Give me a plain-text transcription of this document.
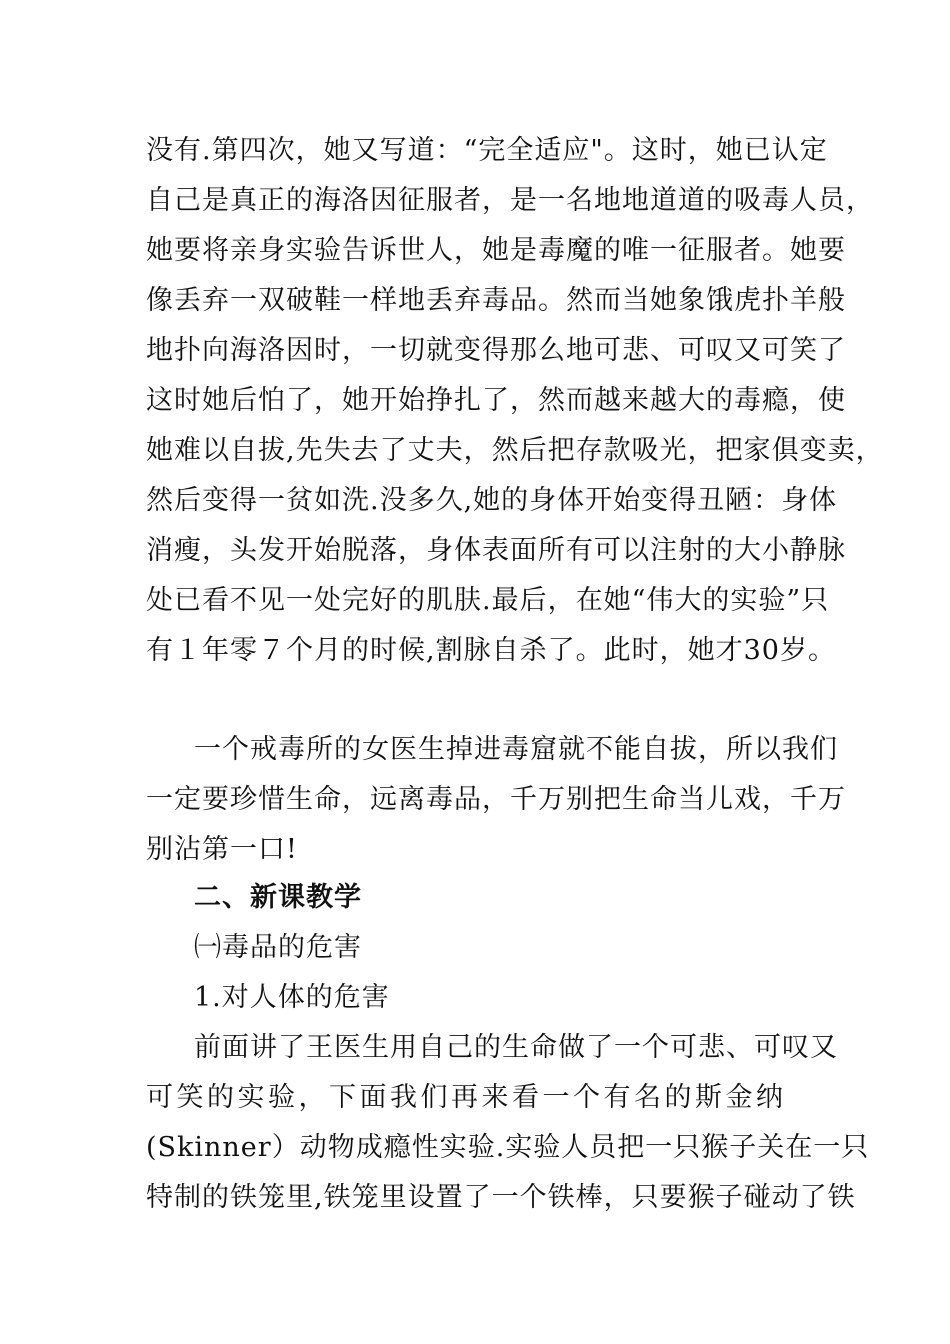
没有.第四次，她又写道：“完全适应"。这时，她已认定
自己是真正的海洛因征服者，是一名地地道道的吸毒人员，
她要将亲身实验告诉世人，她是毒魔的唯一征服者。她要
像丢弃一双破鞋一样地丢弃毒品。然而当她象饿虎扑羊般
地扑向海洛因时，一切就变得那么地可悲、可叹又可笑了
这时她后怕了，她开始挣扎了，然而越来越大的毒瘾，使
她难以自拔,先失去了丈夫，然后把存款吸光，把家俱变卖，
然后变得一贫如洗.没多久,她的身体开始变得丑陋：身体
消瘦，头发开始脱落，身体表面所有可以注射的大小静脉
处已看不见一处完好的肌肤.最后，在她“伟大的实验”只
有１年零７个月的时候,割脉自杀了。此时，她才30岁。
一个戒毒所的女医生掉进毒窟就不能自拔，所以我们
一定要珍惜生命，远离毒品，千万别把生命当儿戏，千万
别沾第一口!
二、新课教学
㈠毒品的危害
1.对人体的危害
前面讲了王医生用自己的生命做了一个可悲、可叹又
可笑的实验，下面我们再来看一个有名的斯金纳
(Skinner）动物成瘾性实验.实验人员把一只猴子关在一只
特制的铁笼里,铁笼里设置了一个铁棒，只要猴子碰动了铁
